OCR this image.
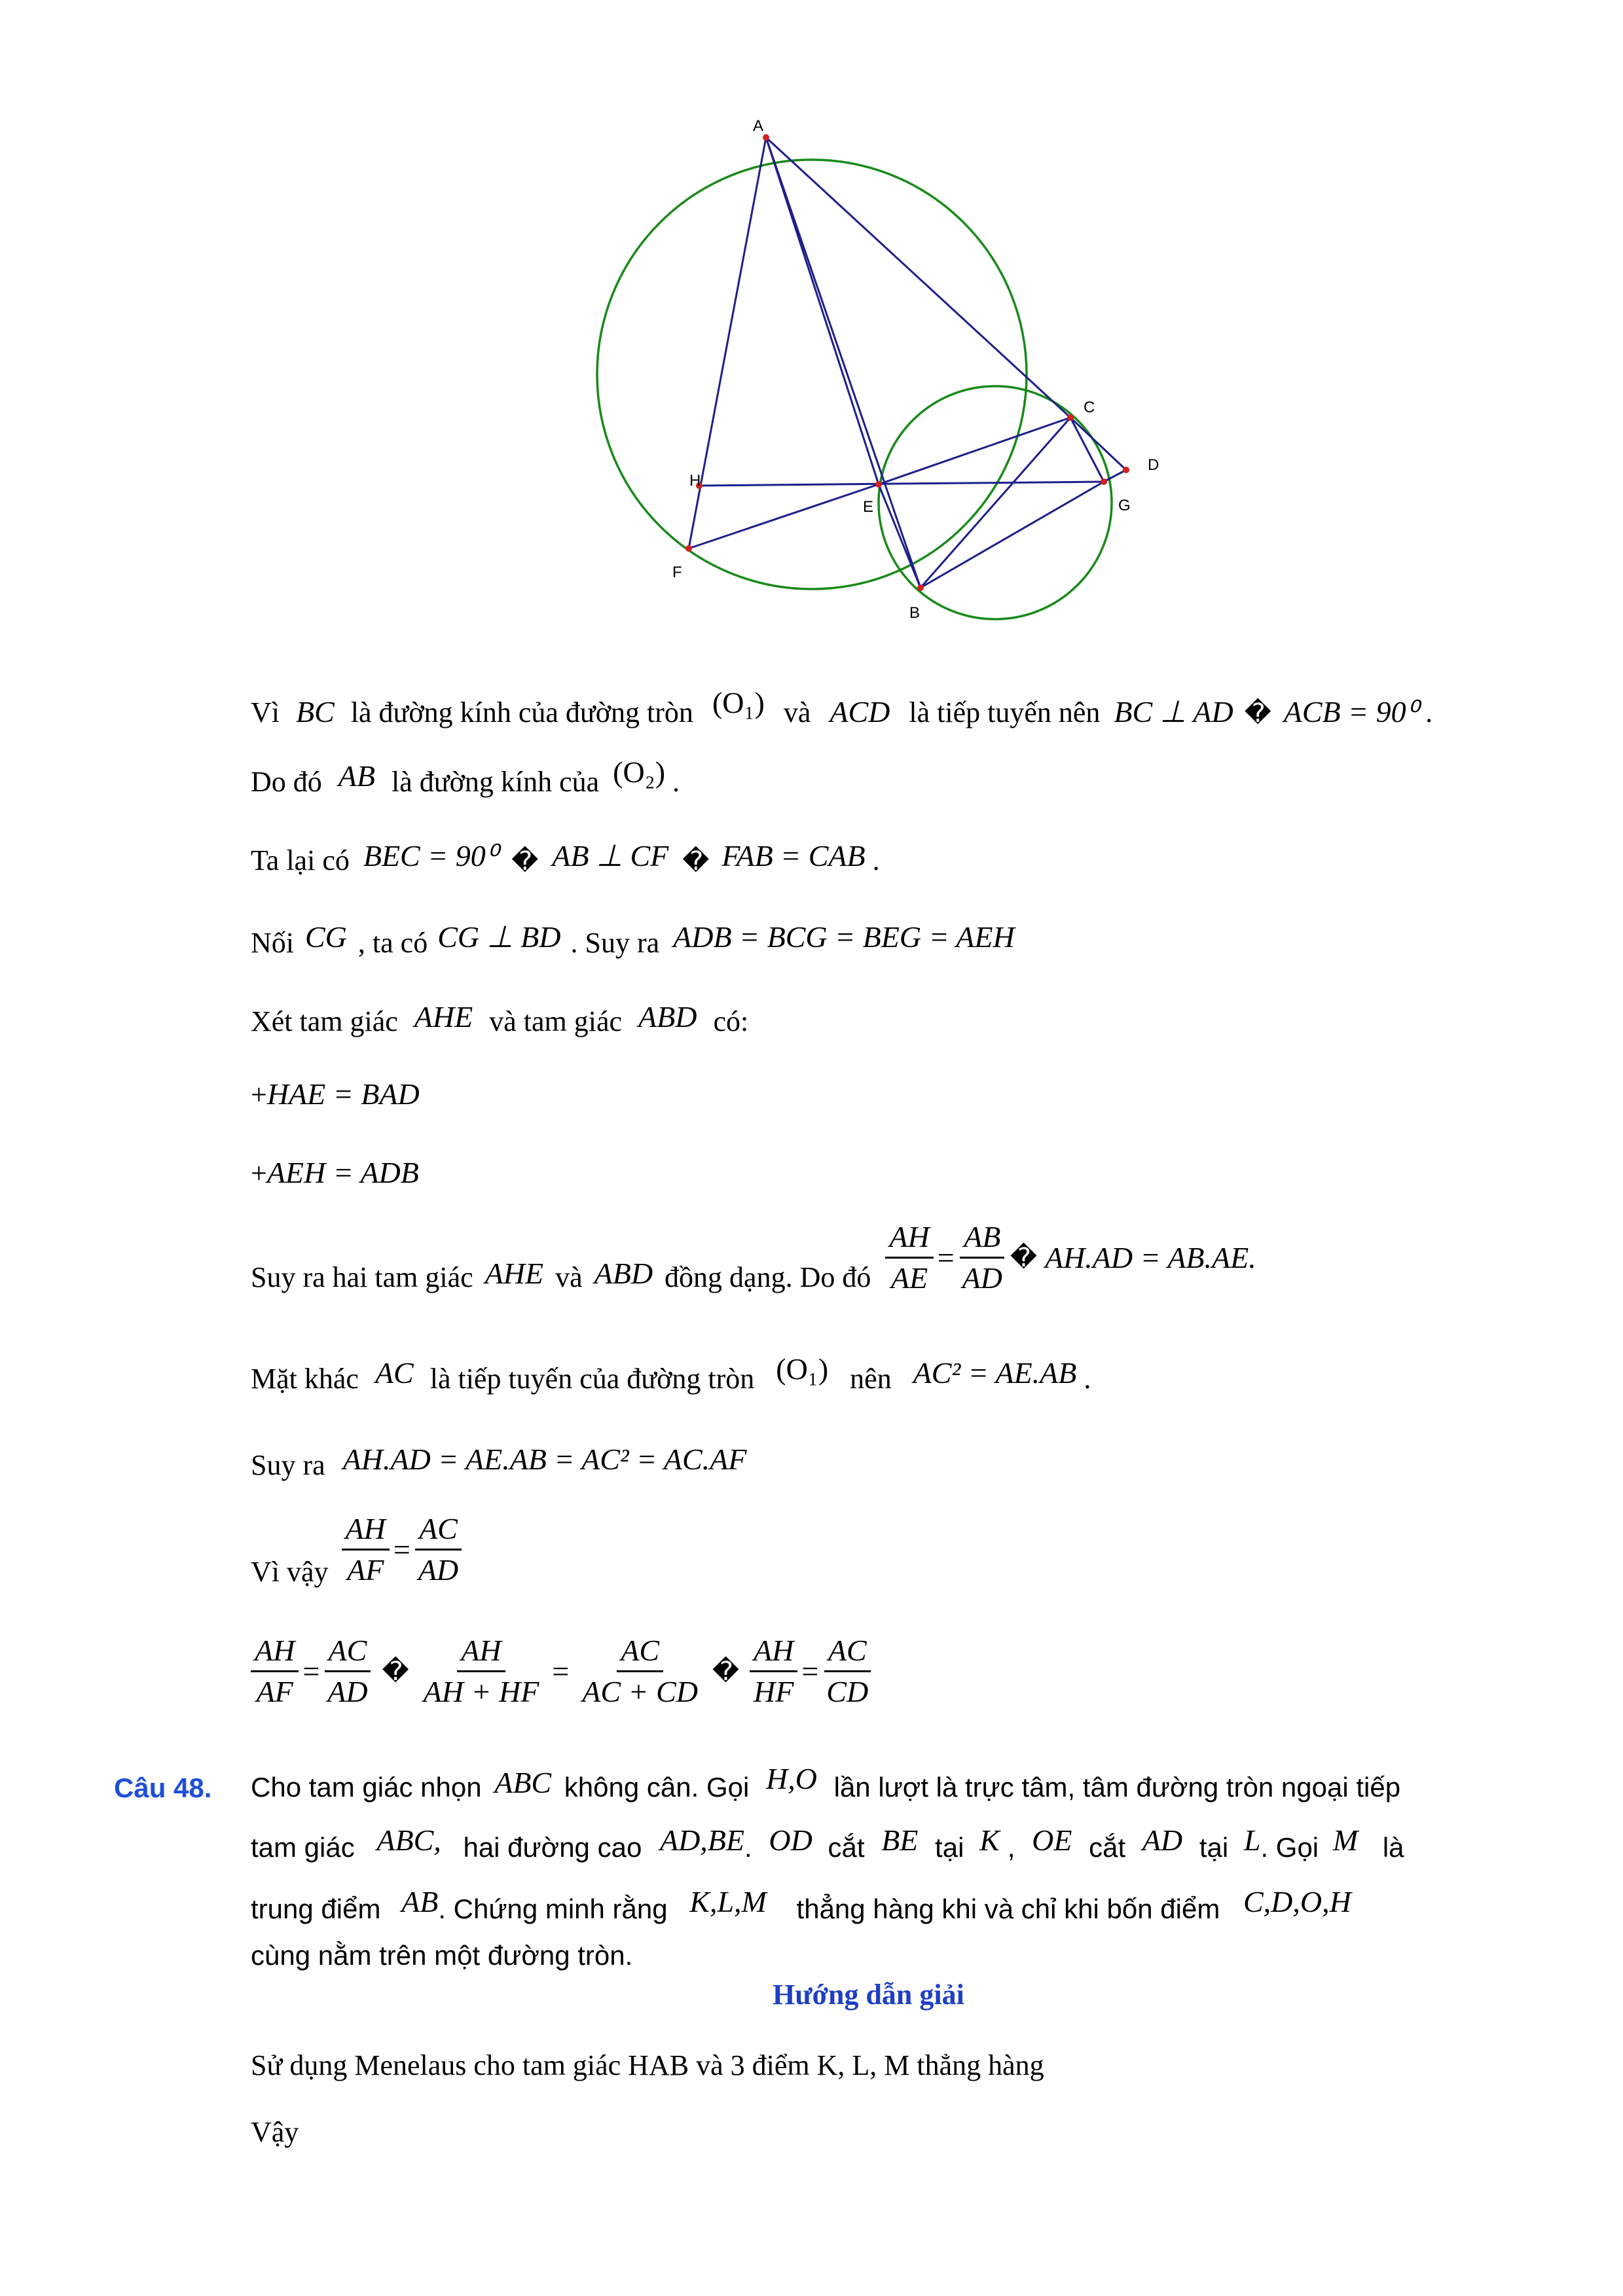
A
C
D
H
E	G
F
B
Vì BC là đường kính của đường tròn (O₁) và ACD là tiếp tuyến nên BC ⊥ AD � ACB = 90⁰ .
Do đó AB là đường kính của (O₂) .
Ta lại có BEC = 90⁰ � AB ⊥ CF � FAB = CAB .
Nối CG , ta có CG ⊥ BD . Suy ra ADB = BCG = BEG = AEH
Xét tam giác AHE và tam giác ABD có:
+HAE = BAD
+AEH = ADB
Suy ra hai tam giác AHE và ABD đồng dạng. Do đó $\frac{AH}{AE} = \frac{AB}{AD}$ � AH.AD = AB.AE.
Mặt khác AC là tiếp tuyến của đường tròn (O₁) nên AC² = AE.AB .
Suy ra AH.AD = AE.AB = AC² = AC.AF
Vì vậy $\frac{AH}{AF} = \frac{AC}{AD}$
$\frac{AH}{AF} = \frac{AC}{AD}$ � $\frac{AH}{AH + HF} = \frac{AC}{AC + CD}$ � $\frac{AH}{HF} = \frac{AC}{CD}$
Câu 48. Cho tam giác nhọn ABC không cân. Gọi H,O lần lượt là trực tâm, tâm đường tròn ngoại tiếp
tam giác ABC, hai đường cao AD,BE. OD cắt BE tại K , OE cắt AD tại L. Gọi M là
trung điểm AB. Chứng minh rằng K,L,M thẳng hàng khi và chỉ khi bốn điểm C,D,O,H
cùng nằm trên một đường tròn.
Hướng dẫn giải
Sử dụng Menelaus cho tam giác HAB và 3 điểm K, L, M thẳng hàng
Vậy
